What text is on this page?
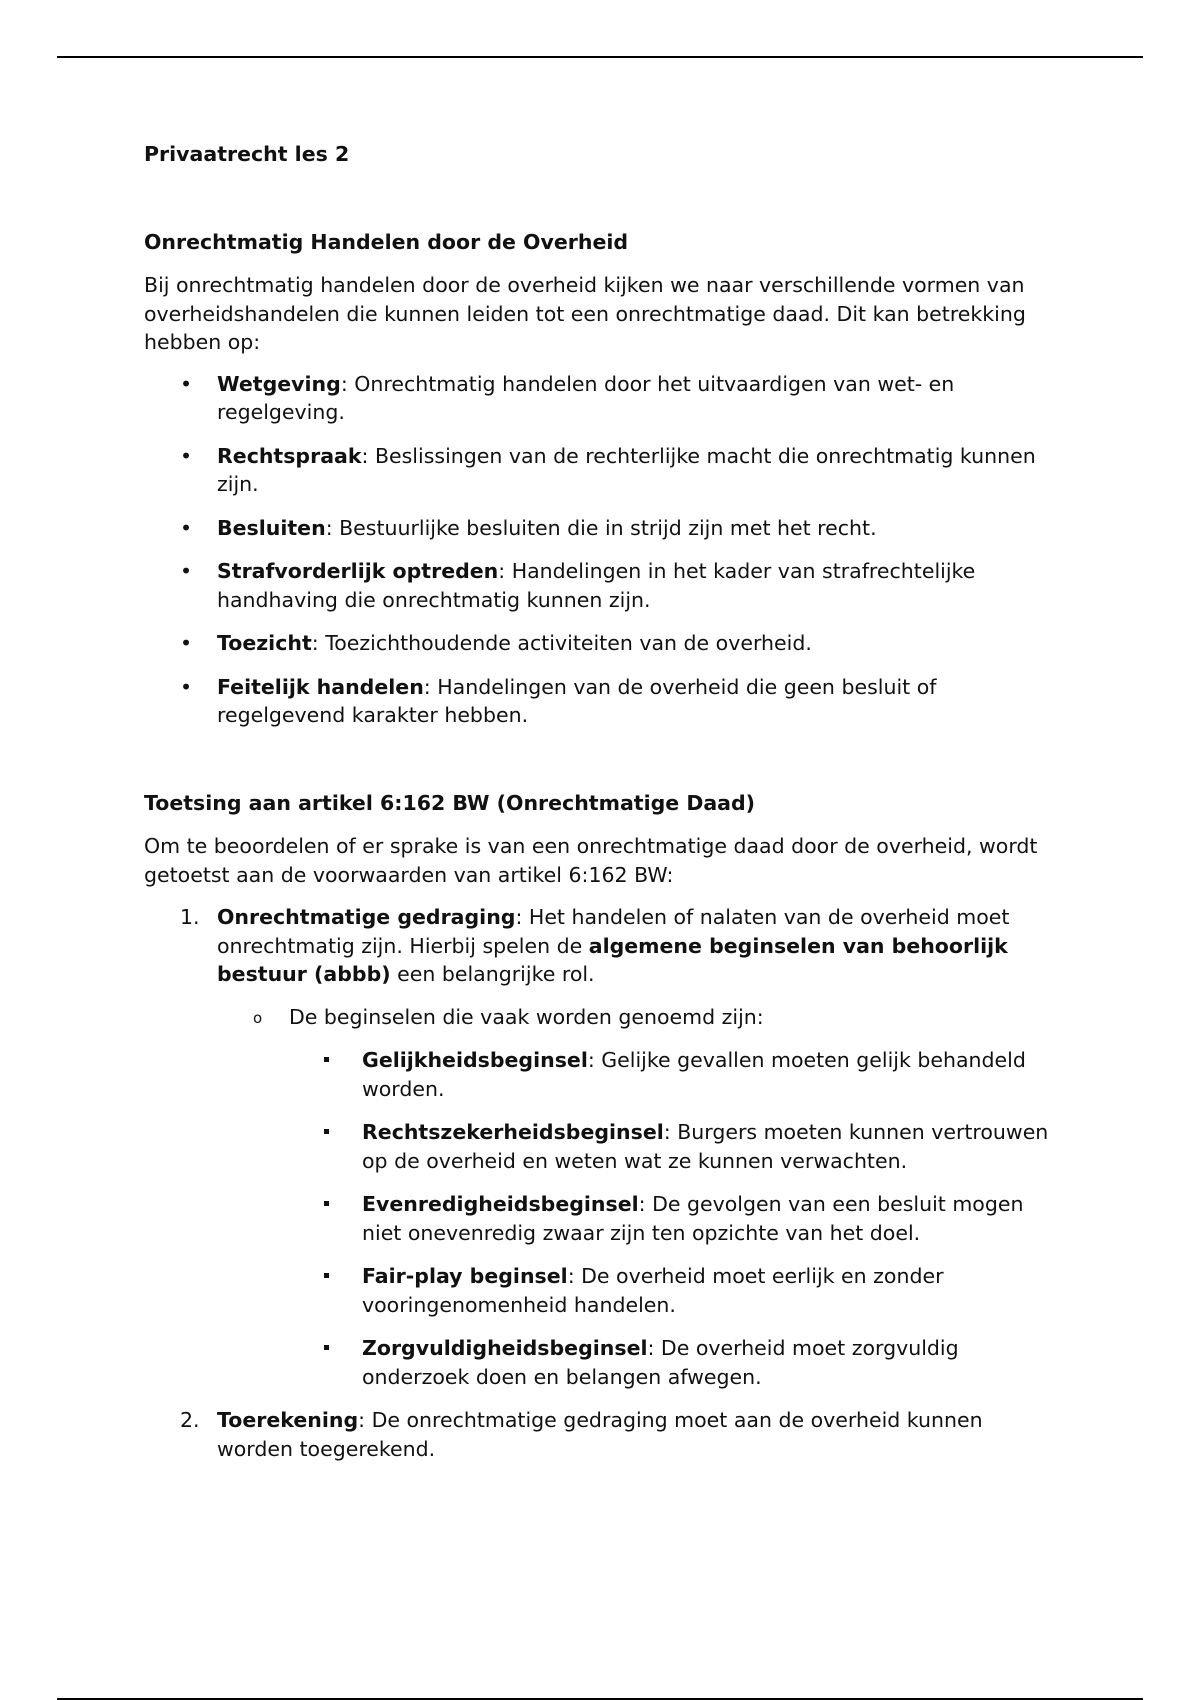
Privaatrecht les 2
Onrechtmatig Handelen door de Overheid

Bij onrechtmatig handelen door de overheid kijken we naar verschillende vormen van overheidshandelen die kunnen leiden tot een onrechtmatige daad. Dit kan betrekking hebben op:

• Wetgeving: Onrechtmatig handelen door het uitvaardigen van wet- en regelgeving.
• Rechtspraak: Beslissingen van de rechterlijke macht die onrechtmatig kunnen zijn.
• Besluiten: Bestuurlijke besluiten die in strijd zijn met het recht.
• Strafvorderlijk optreden: Handelingen in het kader van strafrechtelijke handhaving die onrechtmatig kunnen zijn.
• Toezicht: Toezichthoudende activiteiten van de overheid.
• Feitelijk handelen: Handelingen van de overheid die geen besluit of regelgevend karakter hebben.
Toetsing aan artikel 6:162 BW (Onrechtmatige Daad)

Om te beoordelen of er sprake is van een onrechtmatige daad door de overheid, wordt getoetst aan de voorwaarden van artikel 6:162 BW:

1. Onrechtmatige gedraging: Het handelen of nalaten van de overheid moet onrechtmatig zijn. Hierbij spelen de algemene beginselen van behoorlijk bestuur (abbb) een belangrijke rol.
o De beginselen die vaak worden genoemd zijn:
Gelijkheidsbeginsel: Gelijke gevallen moeten gelijk behandeld worden.
Rechtszekerheidsbeginsel: Burgers moeten kunnen vertrouwen op de overheid en weten wat ze kunnen verwachten.
Evenredigheidsbeginsel: De gevolgen van een besluit mogen niet onevenredig zwaar zijn ten opzichte van het doel.
Fair-play beginsel: De overheid moet eerlijk en zonder vooringenomenheid handelen.
Zorgvuldigheidsbeginsel: De overheid moet zorgvuldig onderzoek doen en belangen afwegen.
2. Toerekening: De onrechtmatige gedraging moet aan de overheid kunnen worden toegerekend.
